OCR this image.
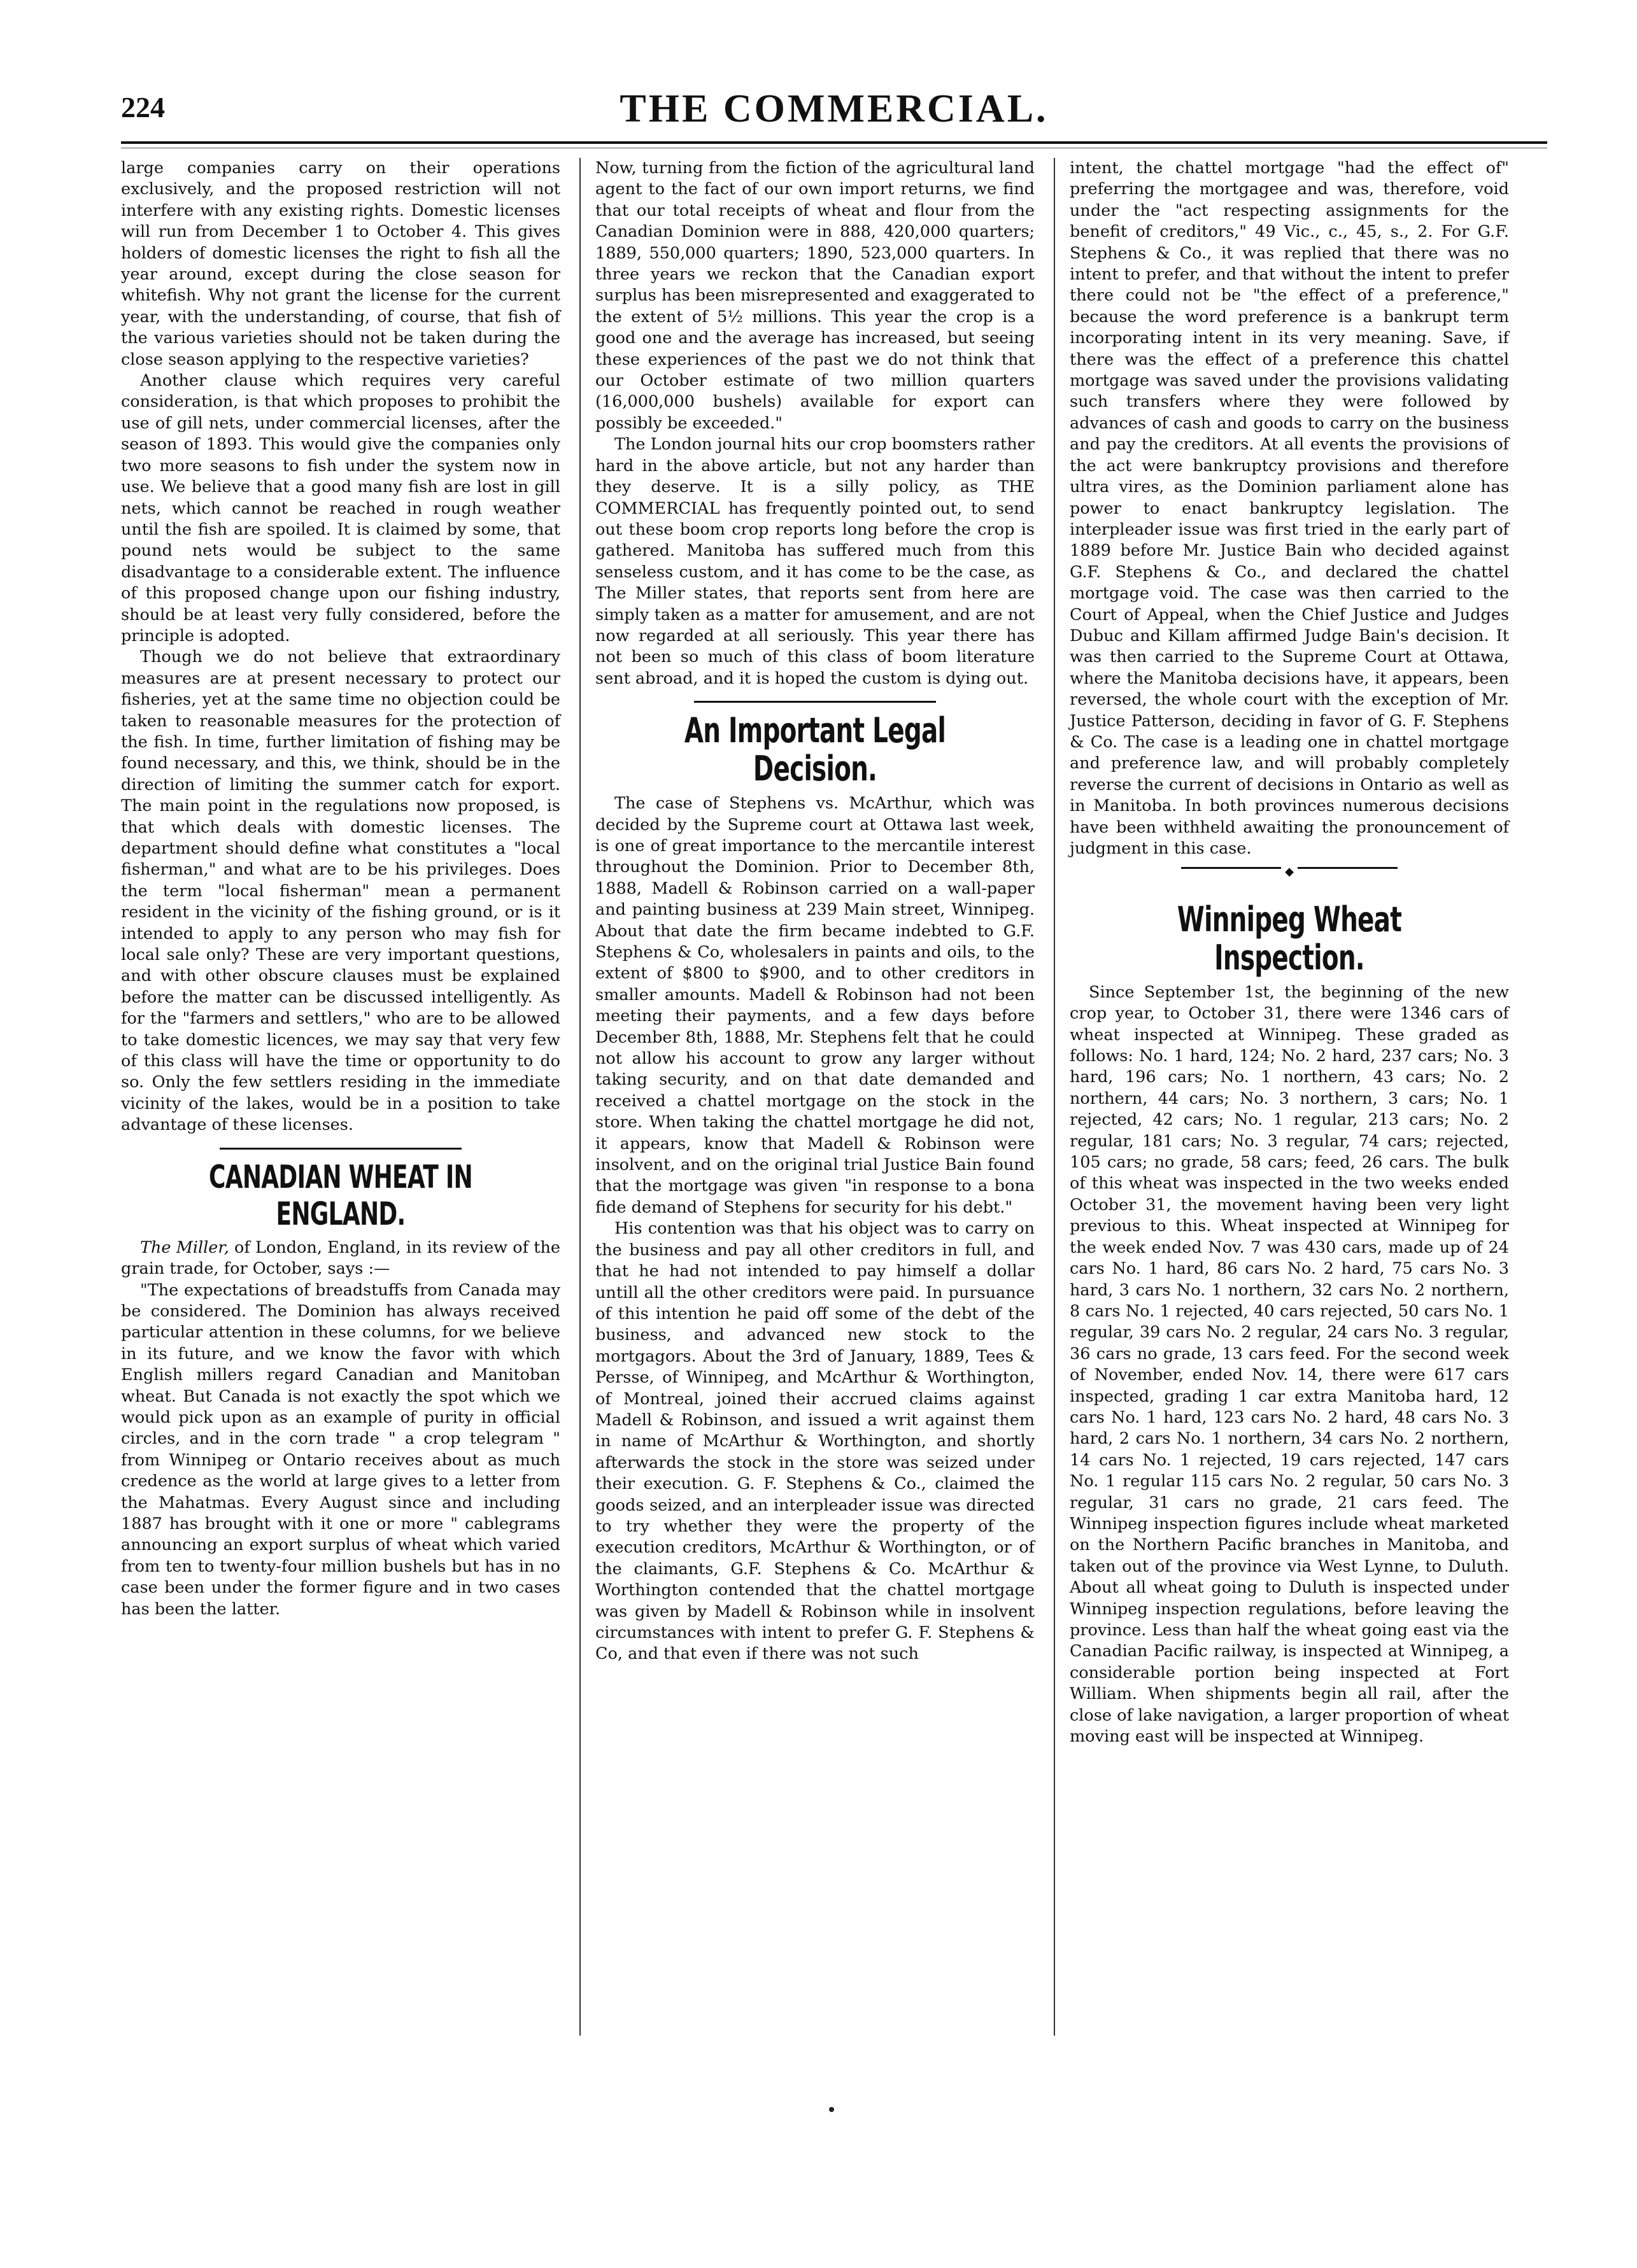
224	THE COMMERCIAL.

large companies carry on their operations exclusively, and the proposed restriction will not interfere with any existing rights. Domestic licenses will run from December 1 to October 4. This gives holders of domestic licenses the right to fish all the year around, except during the close season for whitefish. Why not grant the license for the current year, with the understanding, of course, that fish of the various varieties should not be taken during the close season applying to the respective varieties?

Another clause which requires very careful consideration, is that which proposes to prohibit the use of gill nets, under commercial licenses, after the season of 1893. This would give the companies only two more seasons to fish under the system now in use. We believe that a good many fish are lost in gill nets, which cannot be reached in rough weather until the fish are spoiled. It is claimed by some, that pound nets would be subject to the same disadvantage to a considerable extent. The influence of this proposed change upon our fishing industry, should be at least very fully considered, before the principle is adopted.

Though we do not believe that extraordinary measures are at present necessary to protect our fisheries, yet at the same time no objection could be taken to reasonable measures for the protection of the fish. In time, further limitation of fishing may be found necessary, and this, we think, should be in the direction of limiting the summer catch for export. The main point in the regulations now proposed, is that which deals with domestic licenses. The department should define what constitutes a "local fisherman," and what are to be his privileges. Does the term "local fisherman" mean a permanent resident in the vicinity of the fishing ground, or is it intended to apply to any person who may fish for local sale only? These are very important questions, and with other obscure clauses must be explained before the matter can be discussed intelligently. As for the "farmers and settlers," who are to be allowed to take domestic licences, we may say that very few of this class will have the time or opportunity to do so. Only the few settlers residing in the immediate vicinity of the lakes, would be in a position to take advantage of these licenses.

CANADIAN WHEAT IN ENGLAND.

The Miller, of London, England, in its review of the grain trade, for October, says :—

"The expectations of breadstuffs from Canada may be considered. The Dominion has always received particular attention in these columns, for we believe in its future, and we know the favor with which English millers regard Canadian and Manitoban wheat. But Canada is not exactly the spot which we would pick upon as an example of purity in official circles, and in the corn trade " a crop telegram " from Winnipeg or Ontario receives about as much credence as the world at large gives to a letter from the Mahatmas. Every August since and including 1887 has brought with it one or more " cablegrams announcing an export surplus of wheat which varied from ten to twenty-four million bushels but has in no case been under the former figure and in two cases has been the latter.

Now, turning from the fiction of the agricultural land agent to the fact of our own import returns, we find that our total receipts of wheat and flour from the Canadian Dominion were in 888, 420,000 quarters; 1889, 550,000 quarters; 1890, 523,000 quarters. In three years we reckon that the Canadian export surplus has been misrepresented and exaggerated to the extent of 5½ millions. This year the crop is a good one and the average has increased, but seeing these experiences of the past we do not think that our October estimate of two million quarters (16,000,000 bushels) available for export can possibly be exceeded."

The London journal hits our crop boomsters rather hard in the above article, but not any harder than they deserve. It is a silly policy, as THE COMMERCIAL has frequently pointed out, to send out these boom crop reports long before the crop is gathered. Manitoba has suffered much from this senseless custom, and it has come to be the case, as The Miller states, that reports sent from here are simply taken as a matter for amusement, and are not now regarded at all seriously. This year there has not been so much of this class of boom literature sent abroad, and it is hoped the custom is dying out.

An Important Legal Decision.

The case of Stephens vs. McArthur, which was decided by the Supreme court at Ottawa last week, is one of great importance to the mercantile interest throughout the Dominion. Prior to December 8th, 1888, Madell & Robinson carried on a wall-paper and painting business at 239 Main street, Winnipeg. About that date the firm became indebted to G.F. Stephens & Co, wholesalers in paints and oils, to the extent of $800 to $900, and to other creditors in smaller amounts. Madell & Robinson had not been meeting their payments, and a few days before December 8th, 1888, Mr. Stephens felt that he could not allow his account to grow any larger without taking security, and on that date demanded and received a chattel mortgage on the stock in the store. When taking the chattel mortgage he did not, it appears, know that Madell & Robinson were insolvent, and on the original trial Justice Bain found that the mortgage was given "in response to a bona fide demand of Stephens for security for his debt."

His contention was that his object was to carry on the business and pay all other creditors in full, and that he had not intended to pay himself a dollar untill all the other creditors were paid. In pursuance of this intention he paid off some of the debt of the business, and advanced new stock to the mortgagors. About the 3rd of January, 1889, Tees & Persse, of Winnipeg, and McArthur & Worthington, of Montreal, joined their accrued claims against Madell & Robinson, and issued a writ against them in name of McArthur & Worthington, and shortly afterwards the stock in the store was seized under their execution. G. F. Stephens & Co., claimed the goods seized, and an interpleader issue was directed to try whether they were the property of the execution creditors, McArthur & Worthington, or of the claimants, G.F. Stephens & Co. McArthur & Worthington contended that the chattel mortgage was given by Madell & Robinson while in insolvent circumstances with intent to prefer G. F. Stephens & Co, and that even if there was not such

intent, the chattel mortgage "had the effect of" preferring the mortgagee and was, therefore, void under the "act respecting assignments for the benefit of creditors," 49 Vic., c., 45, s., 2. For G.F. Stephens & Co., it was replied that there was no intent to prefer, and that without the intent to prefer there could not be "the effect of a preference," because the word preference is a bankrupt term incorporating intent in its very meaning. Save, if there was the effect of a preference this chattel mortgage was saved under the provisions validating such transfers where they were followed by advances of cash and goods to carry on the business and pay the creditors. At all events the provisions of the act were bankruptcy provisions and therefore ultra vires, as the Dominion parliament alone has power to enact bankruptcy legislation. The interpleader issue was first tried in the early part of 1889 before Mr. Justice Bain who decided against G.F. Stephens & Co., and declared the chattel mortgage void. The case was then carried to the Court of Appeal, when the Chief Justice and Judges Dubuc and Killam affirmed Judge Bain's decision. It was then carried to the Supreme Court at Ottawa, where the Manitoba decisions have, it appears, been reversed, the whole court with the exception of Mr. Justice Patterson, deciding in favor of G. F. Stephens & Co. The case is a leading one in chattel mortgage and preference law, and will probably completely reverse the current of decisions in Ontario as well as in Manitoba. In both provinces numerous decisions have been withheld awaiting the pronouncement of judgment in this case.

◆
Winnipeg Wheat Inspection.

Since September 1st, the beginning of the new crop year, to October 31, there were 1346 cars of wheat inspected at Winnipeg. These graded as follows: No. 1 hard, 124; No. 2 hard, 237 cars; No. 3 hard, 196 cars; No. 1 northern, 43 cars; No. 2 northern, 44 cars; No. 3 northern, 3 cars; No. 1 rejected, 42 cars; No. 1 regular, 213 cars; No. 2 regular, 181 cars; No. 3 regular, 74 cars; rejected, 105 cars; no grade, 58 cars; feed, 26 cars. The bulk of this wheat was inspected in the two weeks ended October 31, the movement having been very light previous to this. Wheat inspected at Winnipeg for the week ended Nov. 7 was 430 cars, made up of 24 cars No. 1 hard, 86 cars No. 2 hard, 75 cars No. 3 hard, 3 cars No. 1 northern, 32 cars No. 2 northern, 8 cars No. 1 rejected, 40 cars rejected, 50 cars No. 1 regular, 39 cars No. 2 regular, 24 cars No. 3 regular, 36 cars no grade, 13 cars feed. For the second week of November, ended Nov. 14, there were 617 cars inspected, grading 1 car extra Manitoba hard, 12 cars No. 1 hard, 123 cars No. 2 hard, 48 cars No. 3 hard, 2 cars No. 1 northern, 34 cars No. 2 northern, 14 cars No. 1 rejected, 19 cars rejected, 147 cars No. 1 regular 115 cars No. 2 regular, 50 cars No. 3 regular, 31 cars no grade, 21 cars feed. The Winnipeg inspection figures include wheat marketed on the Northern Pacific branches in Manitoba, and taken out of the province via West Lynne, to Duluth. About all wheat going to Duluth is inspected under Winnipeg inspection regulations, before leaving the province. Less than half the wheat going east via the Canadian Pacific railway, is inspected at Winnipeg, a considerable portion being inspected at Fort William. When shipments begin all rail, after the close of lake navigation, a larger proportion of wheat moving east will be inspected at Winnipeg.
